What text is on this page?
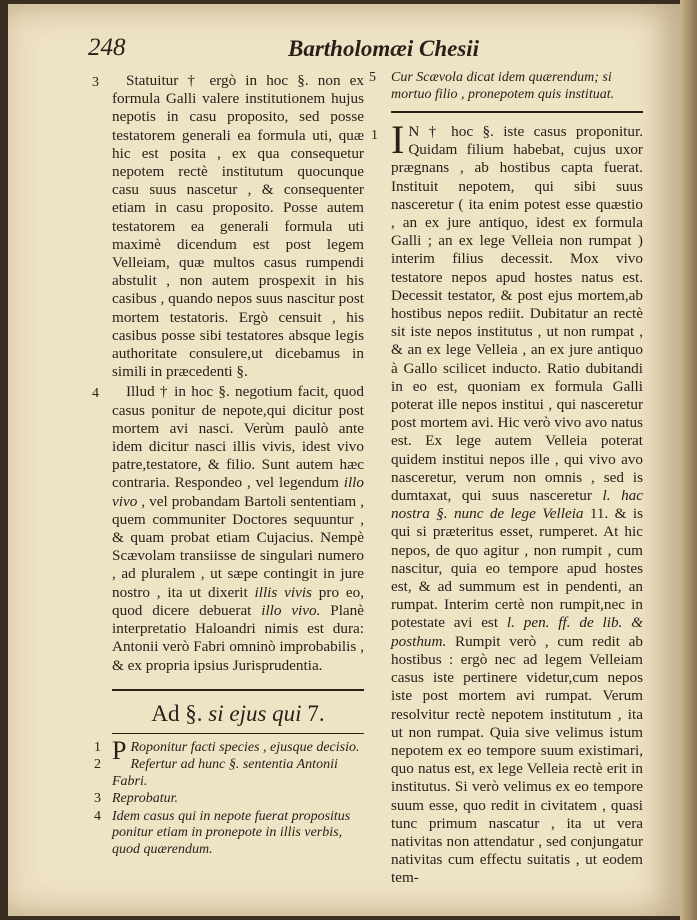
248	Bartholomæi Chesii
3	Statuitur † ergò in hoc §. non ex formula Galli valere institutionem hujus nepotis in casu proposito, sed posse testatorem generali ea formula uti, quæ hic est posita , ex qua consequetur nepotem rectè institutum quocunque casu suus nascetur , & consequenter etiam in casu proposito. Posse autem testatorem ea generali formula uti maximè dicendum est post legem Velleiam, quæ multos casus rumpendi abstulit , non autem prospexit in his casibus , quando nepos suus nascitur post mortem testatoris. Ergò censuit , his casibus posse sibi testatores absque legis authoritate consulere,ut dicebamus in simili in præcedenti §.

4	Illud † in hoc §. negotium facit, quod casus ponitur de nepote,qui dicitur post mortem avi nasci. Verùm paulò ante idem dicitur nasci illis vivis, idest vivo patre,testatore, & filio. Sunt autem hæc contraria. Respondeo , vel legendum illo vivo , vel probandam Bartoli sententiam , quem communiter Doctores sequuntur , & quam probat etiam Cujacius. Nempè Scævolam transiisse de singulari numero , ad pluralem , ut sæpe contingit in jure nostro , ita ut dixerit illis vivis pro eo, quod dicere debuerat illo vivo. Planè interpretatio Haloandri nimis est dura: Antonii verò Fabri omninò improbabilis , & ex propria ipsius Jurisprudentia.

Ad §. si ejus qui 7.
1 P Roponitur facti species , ejusque decisio.
2 Refertur ad hunc §. sententia Antonii Fabri.
3 Reprobatur.
4 Idem casus qui in nepote fuerat propositus ponitur etiam in pronepote in illis verbis, quod quærendum.
5 Cur Scævola dicat idem quærendum; si mortuo filio , pronepotem quis instituat.
1 I N † hoc §. iste casus proponitur. Quidam filium habebat, cujus uxor prægnans , ab hostibus capta fuerat. Instituit nepotem, qui sibi suus nasceretur ( ita enim potest esse quæstio , an ex jure antiquo, idest ex formula Galli ; an ex lege Velleia non rumpat ) interim filius decessit. Mox vivo testatore nepos apud hostes natus est. Decessit testator, & post ejus mortem,ab hostibus nepos rediit. Dubitatur an rectè sit iste nepos institutus , ut non rumpat , & an ex lege Velleia , an ex jure antiquo à Gallo scilicet inducto. Ratio dubitandi in eo est, quoniam ex formula Galli poterat ille nepos institui , qui nasceretur post mortem avi. Hic verò vivo avo natus est. Ex lege autem Velleia poterat quidem institui nepos ille , qui vivo avo nasceretur, verum non omnis , sed is dumtaxat, qui suus nasceretur l. hac nostra §. nunc de lege Velleia 11. & is qui si præteritus esset, rumperet. At hic nepos, de quo agitur , non rumpit , cum nascitur, quia eo tempore apud hostes est, & ad summum est in pendenti, an rumpat. Interim certè non rumpit,nec in potestate avi est l. pen. ff. de lib. & posthum. Rumpit verò , cum redit ab hostibus : ergò nec ad legem Velleiam casus iste pertinere videtur,cum nepos iste post mortem avi rumpat. Verum resolvitur rectè nepotem institutum , ita ut non rumpat. Quia sive velimus istum nepotem ex eo tempore suum existimari, quo natus est, ex lege Velleia rectè erit in institutus. Si verò velimus ex eo tempore suum esse, quo redit in civitatem , quasi tunc primum nascatur , ita ut vera nativitas non attendatur , sed conjungatur nativitas cum effectu suitatis , ut eodem tem-
